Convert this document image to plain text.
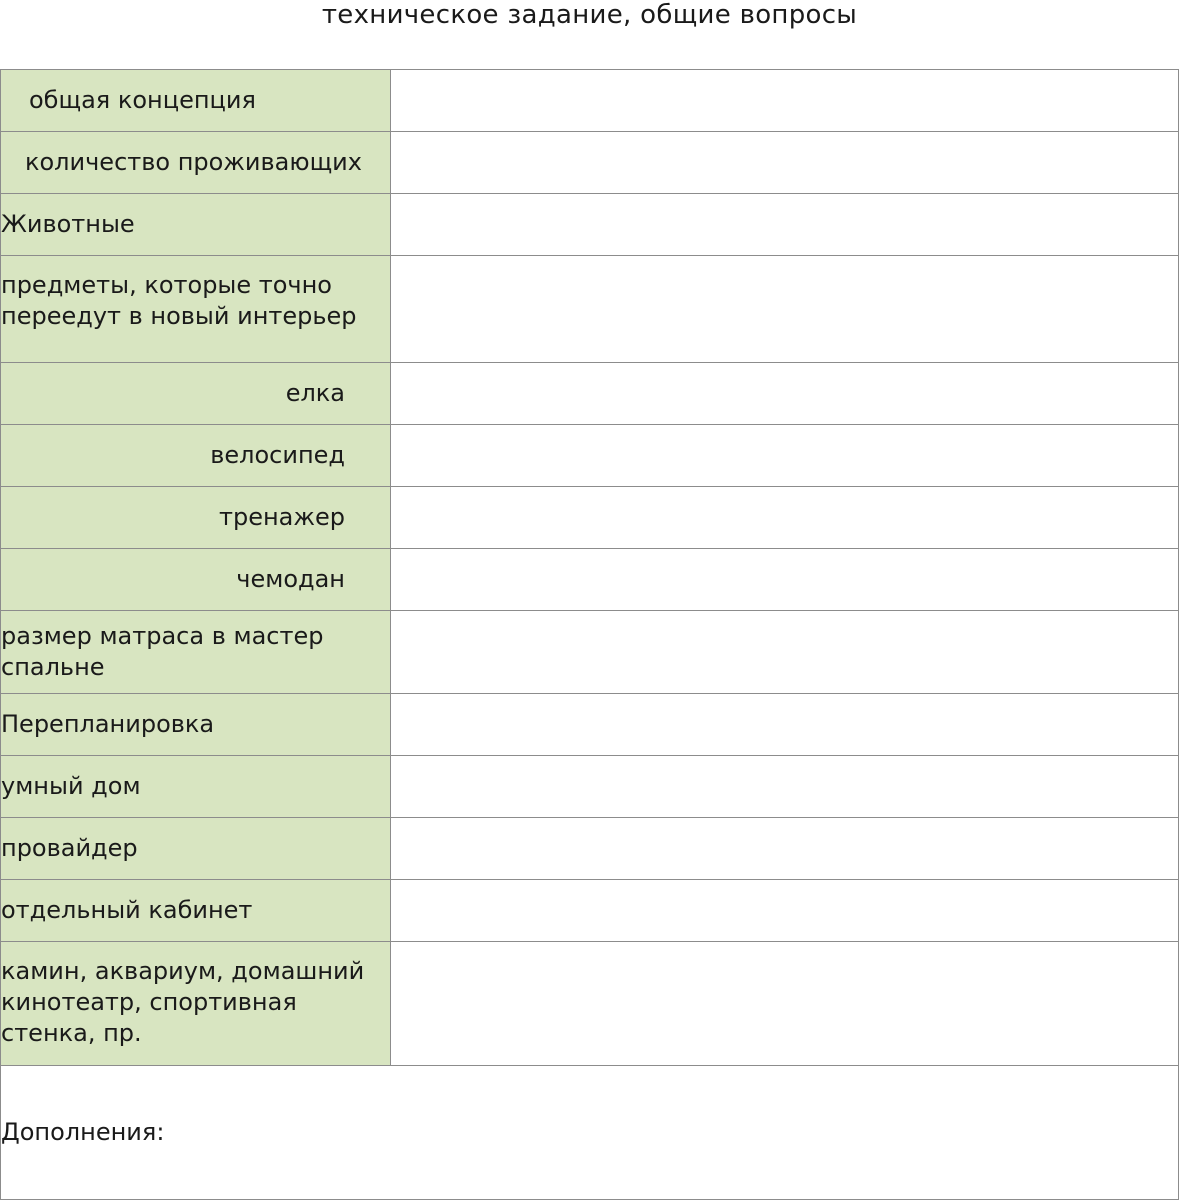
техническое задание, общие вопросы
общая концепция	
количество проживающих	
Животные	
предметы, которые точно переедут в новый интерьер	
елка	
велосипед	
тренажер	
чемодан	
размер матраса в мастер спальне	
Перепланировка	
умный дом	
провайдер	
отдельный кабинет	
камин, аквариум, домашний кинотеатр, спортивная стенка, пр.	
Дополнения:	
